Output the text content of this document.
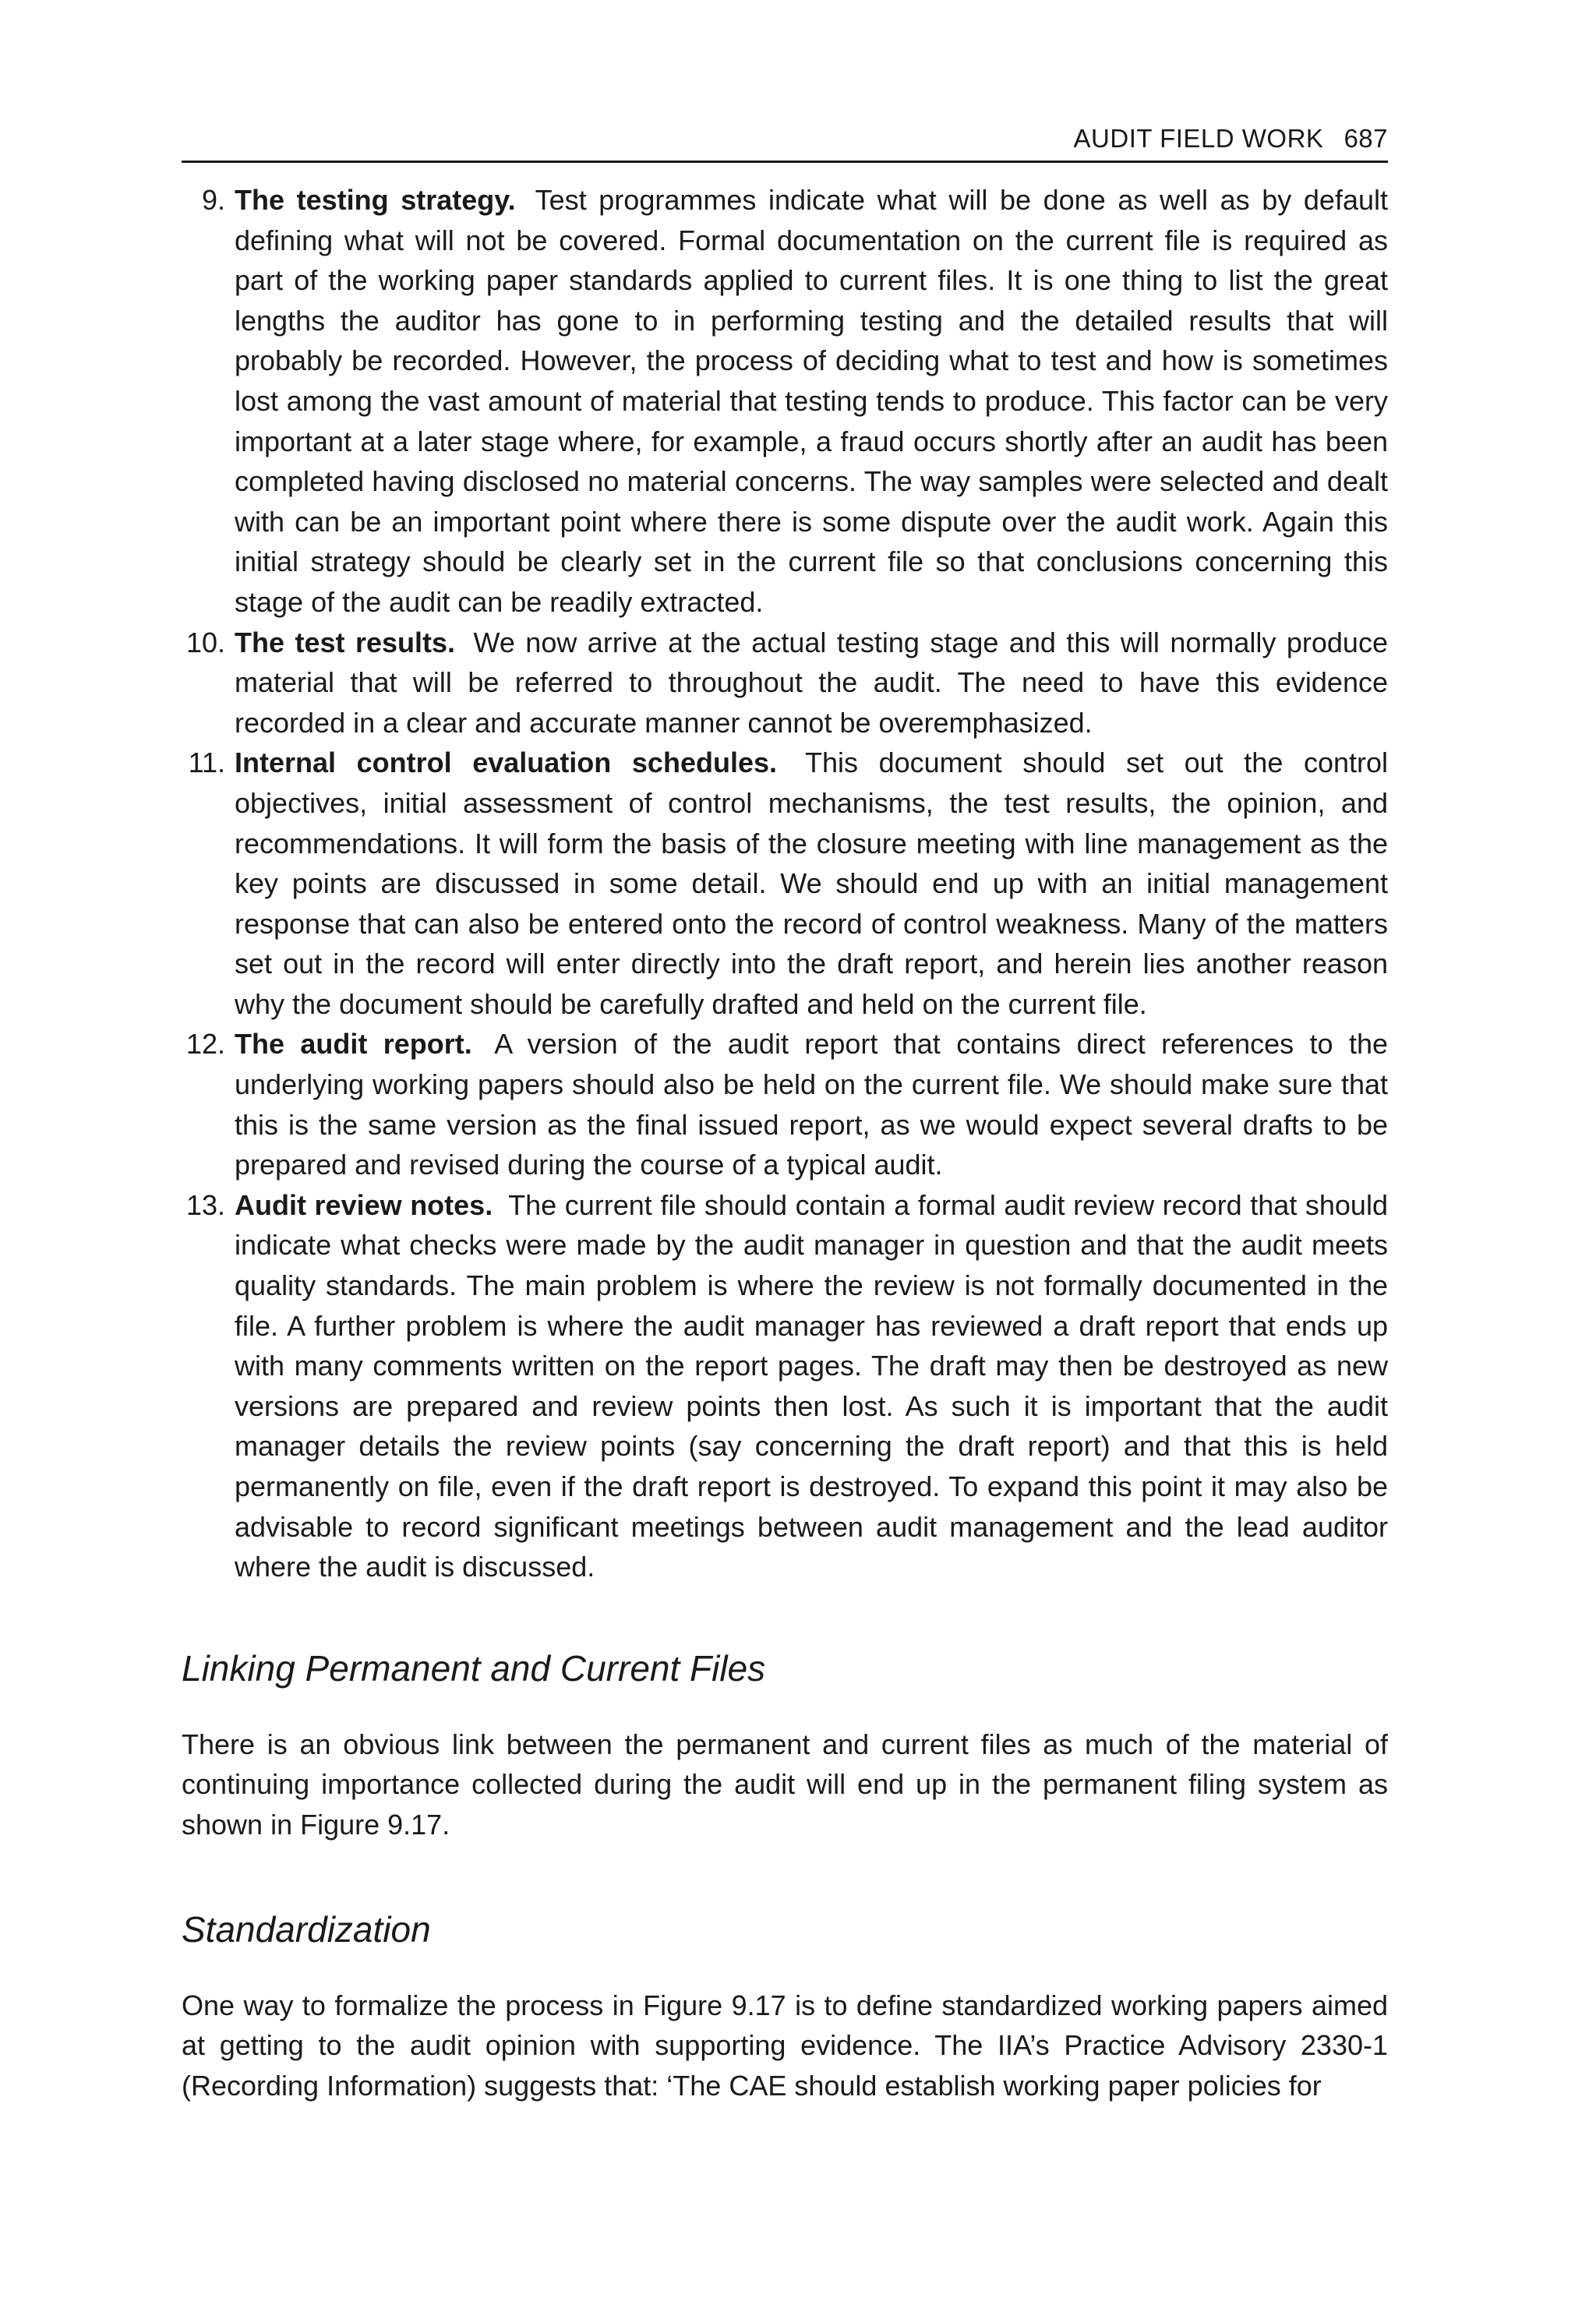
AUDIT FIELD WORK 687
9. The testing strategy. Test programmes indicate what will be done as well as by default defining what will not be covered. Formal documentation on the current file is required as part of the working paper standards applied to current files. It is one thing to list the great lengths the auditor has gone to in performing testing and the detailed results that will probably be recorded. However, the process of deciding what to test and how is sometimes lost among the vast amount of material that testing tends to produce. This factor can be very important at a later stage where, for example, a fraud occurs shortly after an audit has been completed having disclosed no material concerns. The way samples were selected and dealt with can be an important point where there is some dispute over the audit work. Again this initial strategy should be clearly set in the current file so that conclusions concerning this stage of the audit can be readily extracted.
10. The test results. We now arrive at the actual testing stage and this will normally produce material that will be referred to throughout the audit. The need to have this evidence recorded in a clear and accurate manner cannot be overemphasized.
11. Internal control evaluation schedules. This document should set out the control objectives, initial assessment of control mechanisms, the test results, the opinion, and recommendations. It will form the basis of the closure meeting with line management as the key points are discussed in some detail. We should end up with an initial management response that can also be entered onto the record of control weakness. Many of the matters set out in the record will enter directly into the draft report, and herein lies another reason why the document should be carefully drafted and held on the current file.
12. The audit report. A version of the audit report that contains direct references to the underlying working papers should also be held on the current file. We should make sure that this is the same version as the final issued report, as we would expect several drafts to be prepared and revised during the course of a typical audit.
13. Audit review notes. The current file should contain a formal audit review record that should indicate what checks were made by the audit manager in question and that the audit meets quality standards. The main problem is where the review is not formally documented in the file. A further problem is where the audit manager has reviewed a draft report that ends up with many comments written on the report pages. The draft may then be destroyed as new versions are prepared and review points then lost. As such it is important that the audit manager details the review points (say concerning the draft report) and that this is held permanently on file, even if the draft report is destroyed. To expand this point it may also be advisable to record significant meetings between audit management and the lead auditor where the audit is discussed.
Linking Permanent and Current Files

There is an obvious link between the permanent and current files as much of the material of continuing importance collected during the audit will end up in the permanent filing system as shown in Figure 9.17.

Standardization

One way to formalize the process in Figure 9.17 is to define standardized working papers aimed at getting to the audit opinion with supporting evidence. The IIA’s Practice Advisory 2330-1 (Recording Information) suggests that: ‘The CAE should establish working paper policies for
